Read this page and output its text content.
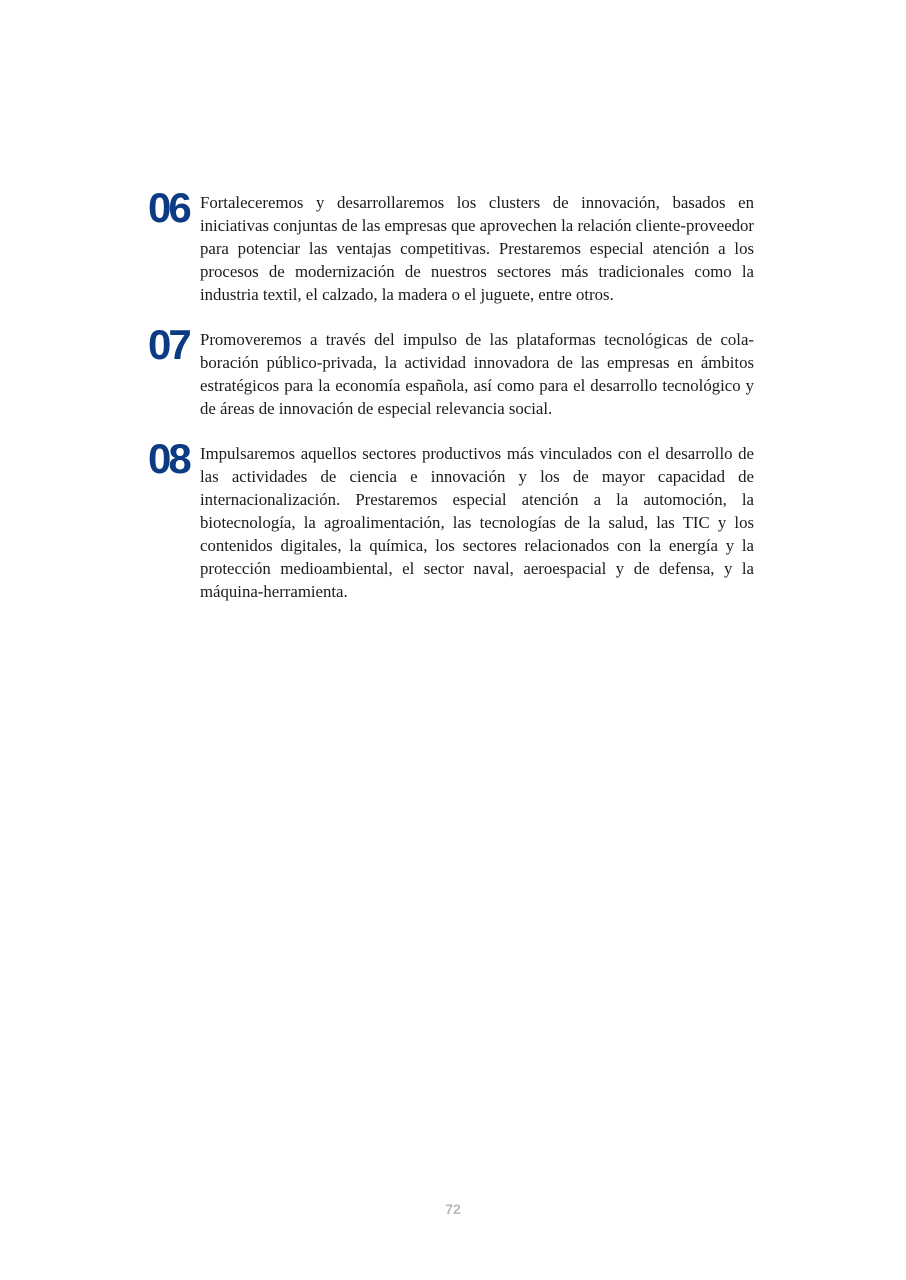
06 Fortaleceremos y desarrollaremos los clusters de innovación, basados en iniciativas conjuntas de las empresas que aprovechen la relación cliente-proveedor para potenciar las ventajas competitivas. Prestaremos especial atención a los procesos de modernización de nuestros sectores más tradicionales como la industria textil, el calzado, la madera o el juguete, entre otros.

07 Promoveremos a través del impulso de las plataformas tecnológicas de colaboración público-privada, la actividad innovadora de las empresas en ámbitos estratégicos para la economía española, así como para el desarrollo tecnológico y de áreas de innovación de especial relevancia social.

08 Impulsaremos aquellos sectores productivos más vinculados con el desarrollo de las actividades de ciencia e innovación y los de mayor capacidad de internacionalización. Prestaremos especial atención a la automoción, la biotecnología, la agroalimentación, las tecnologías de la salud, las TIC y los contenidos digitales, la química, los sectores relacionados con la energía y la protección medioambiental, el sector naval, aeroespacial y de defensa, y la máquina-herramienta.

72
